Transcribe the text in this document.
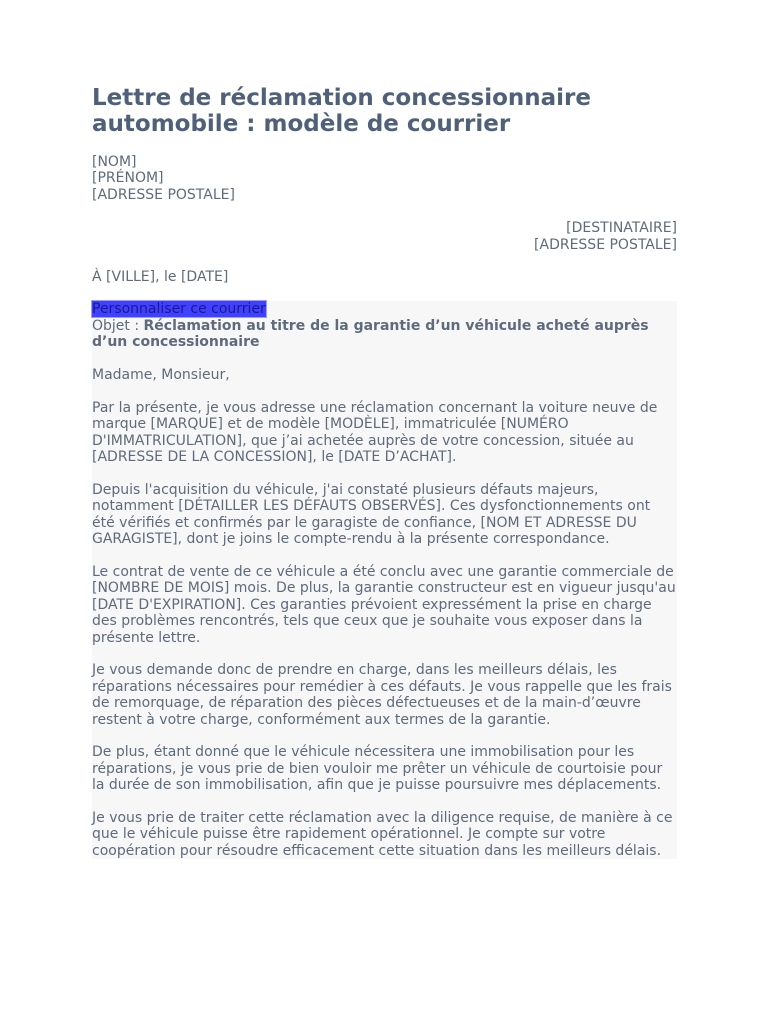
Lettre de réclamation concessionnaire automobile : modèle de courrier
[NOM]
[PRÉNOM]
[ADRESSE POSTALE]
[DESTINATAIRE]
[ADRESSE POSTALE]
À [VILLE], le [DATE]
Personnaliser ce courrier
Objet : Réclamation au titre de la garantie d’un véhicule acheté auprès d’un concessionnaire

Madame, Monsieur,

Par la présente, je vous adresse une réclamation concernant la voiture neuve de marque [MARQUE] et de modèle [MODÈLE], immatriculée [NUMÉRO D'IMMATRICULATION], que j’ai achetée auprès de votre concession, située au [ADRESSE DE LA CONCESSION], le [DATE D’ACHAT].

Depuis l'acquisition du véhicule, j'ai constaté plusieurs défauts majeurs, notamment [DÉTAILLER LES DÉFAUTS OBSERVÉS]. Ces dysfonctionnements ont été vérifiés et confirmés par le garagiste de confiance, [NOM ET ADRESSE DU GARAGISTE], dont je joins le compte-rendu à la présente correspondance.

Le contrat de vente de ce véhicule a été conclu avec une garantie commerciale de [NOMBRE DE MOIS] mois. De plus, la garantie constructeur est en vigueur jusqu'au [DATE D'EXPIRATION]. Ces garanties prévoient expressément la prise en charge des problèmes rencontrés, tels que ceux que je souhaite vous exposer dans la présente lettre.

Je vous demande donc de prendre en charge, dans les meilleurs délais, les réparations nécessaires pour remédier à ces défauts. Je vous rappelle que les frais de remorquage, de réparation des pièces défectueuses et de la main-d’œuvre restent à votre charge, conformément aux termes de la garantie.

De plus, étant donné que le véhicule nécessitera une immobilisation pour les réparations, je vous prie de bien vouloir me prêter un véhicule de courtoisie pour la durée de son immobilisation, afin que je puisse poursuivre mes déplacements.

Je vous prie de traiter cette réclamation avec la diligence requise, de manière à ce que le véhicule puisse être rapidement opérationnel. Je compte sur votre coopération pour résoudre efficacement cette situation dans les meilleurs délais.
